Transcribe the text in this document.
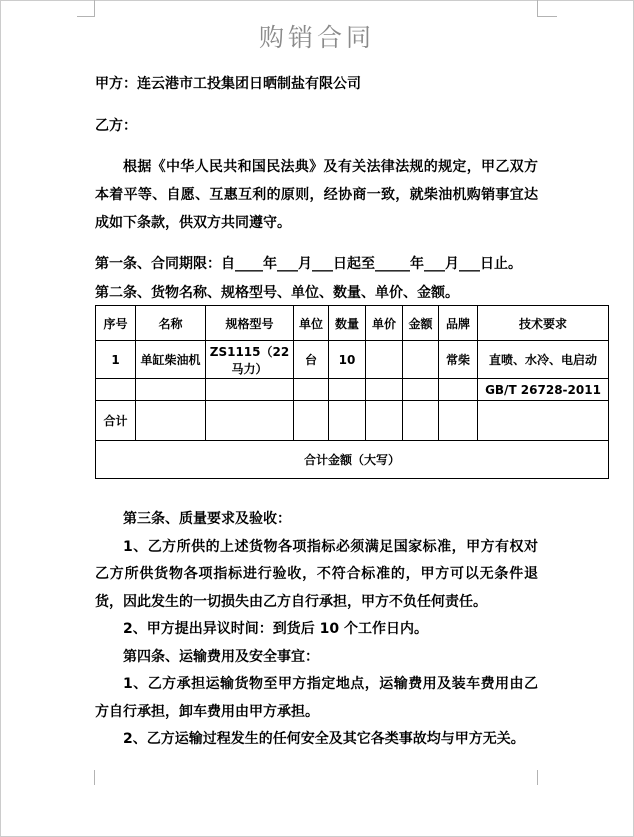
购销合同
甲方：连云港市工投集团日晒制盐有限公司
乙方：

根据《中华人民共和国民法典》及有关法律法规的规定，甲乙双方本着平等、自愿、互惠互利的原则，经协商一致，就柴油机购销事宜达成如下条款，供双方共同遵守。

第一条、合同期限：自____年___月___日起至_____年___月___日止。

第二条、货物名称、规格型号、单位、数量、单价、金额。

序号	名称	规格型号	单位	数量	单价	金额	品牌	技术要求
1	单缸柴油机	ZS1115（22 马力）	台	10			常柴	直喷、水冷、电启动
								GB/T 26728-2011
合计								
合计金额（大写）								

第三条、质量要求及验收：

1、乙方所供的上述货物各项指标必须满足国家标准，甲方有权对乙方所供货物各项指标进行验收，不符合标准的，甲方可以无条件退货，因此发生的一切损失由乙方自行承担，甲方不负任何责任。

2、甲方提出异议时间：到货后 10 个工作日内。

第四条、运输费用及安全事宜：

1、乙方承担运输货物至甲方指定地点，运输费用及装车费用由乙方自行承担，卸车费用由甲方承担。

2、乙方运输过程发生的任何安全及其它各类事故均与甲方无关。
